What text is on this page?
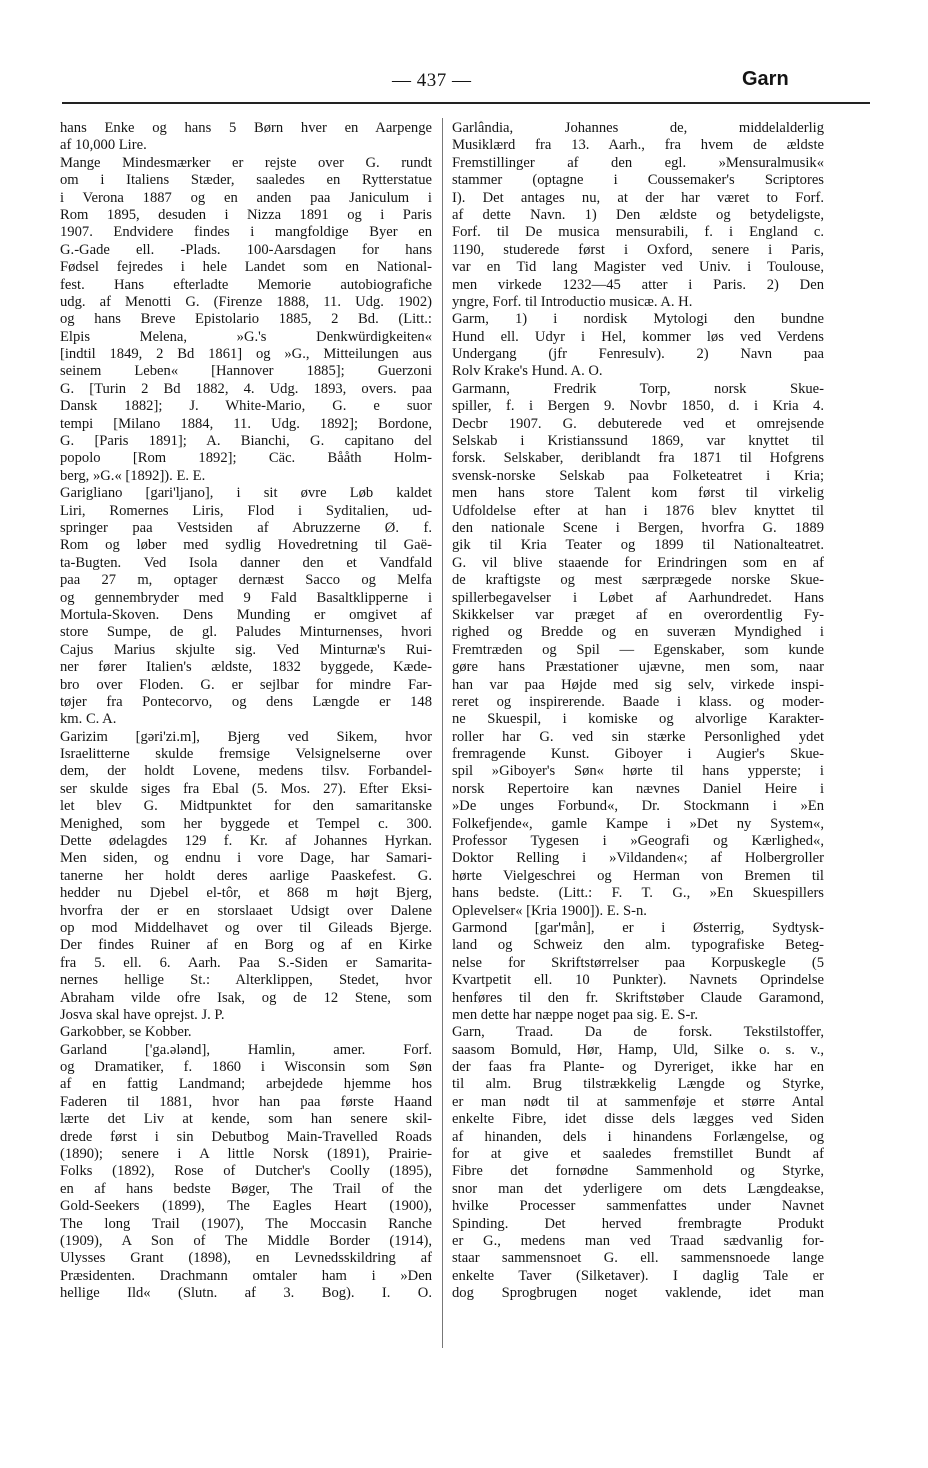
— 437 —	Garn
hans Enke og hans 5 Børn hver en Aarpenge
af 10,000 Lire.
Mange Mindesmærker er rejste over G. rundt
om i Italiens Stæder, saaledes en Rytterstatue
i Verona 1887 og en anden paa Janiculum i
Rom 1895, desuden i Nizza 1891 og i Paris
1907. Endvidere findes i mangfoldige Byer en
G.-Gade ell. -Plads. 100-Aarsdagen for hans
Fødsel fejredes i hele Landet som en National-
fest. Hans efterladte Memorie autobiografiche
udg. af Menotti G. (Firenze 1888, 11. Udg. 1902)
og hans Breve Epistolario 1885, 2 Bd. (Litt.:
Elpis Melena, »G.'s Denkwürdigkeiten«
[indtil 1849, 2 Bd 1861] og »G., Mitteilungen aus
seinem Leben« [Hannover 1885]; Guerzoni
G. [Turin 2 Bd 1882, 4. Udg. 1893, overs. paa
Dansk 1882]; J. White-Mario, G. e suor
tempi [Milano 1884, 11. Udg. 1892]; Bordone,
G. [Paris 1891]; A. Bianchi, G. capitano del
popolo [Rom 1892]; Cäc. Bååth Holm-
berg, »G.« [1892]). E. E.
Garigliano [gari'ljano], i sit øvre Løb kaldet
Liri, Romernes Liris, Flod i Syditalien, ud-
springer paa Vestsiden af Abruzzerne Ø. f.
Rom og løber med sydlig Hovedretning til Gaë-
ta-Bugten. Ved Isola danner den et Vandfald
paa 27 m, optager dernæst Sacco og Melfa
og gennembryder med 9 Fald Basaltklipperne i
Mortula-Skoven. Dens Munding er omgivet af
store Sumpe, de gl. Paludes Minturnenses, hvori
Cajus Marius skjulte sig. Ved Minturnæ's Rui-
ner fører Italien's ældste, 1832 byggede, Kæde-
bro over Floden. G. er sejlbar for mindre Far-
tøjer fra Pontecorvo, og dens Længde er 148
km. C. A.
Garizim [gəri'zi.m], Bjerg ved Sikem, hvor
Israelitterne skulde fremsige Velsignelserne over
dem, der holdt Lovene, medens tilsv. Forbandel-
ser skulde siges fra Ebal (5. Mos. 27). Efter Eksi-
let blev G. Midtpunktet for den samaritanske
Menighed, som her byggede et Tempel c. 300.
Dette ødelagdes 129 f. Kr. af Johannes Hyrkan.
Men siden, og endnu i vore Dage, har Samari-
tanerne her holdt deres aarlige Paaskefest. G.
hedder nu Djebel el-tôr, et 868 m højt Bjerg,
hvorfra der er en storslaaet Udsigt over Dalene
op mod Middelhavet og over til Gileads Bjerge.
Der findes Ruiner af en Borg og af en Kirke
fra 5. ell. 6. Aarh. Paa S.-Siden er Samarita-
nernes hellige St.: Alterklippen, Stedet, hvor
Abraham vilde ofre Isak, og de 12 Stene, som
Josva skal have oprejst. J. P.
Garkobber, se Kobber.
Garland ['ga.ələnd], Hamlin, amer. Forf.
og Dramatiker, f. 1860 i Wisconsin som Søn
af en fattig Landmand; arbejdede hjemme hos
Faderen til 1881, hvor han paa første Haand
lærte det Liv at kende, som han senere skil-
drede først i sin Debutbog Main-Travelled Roads
(1890); senere i A little Norsk (1891), Prairie-
Folks (1892), Rose of Dutcher's Coolly (1895),
en af hans bedste Bøger, The Trail of the
Gold-Seekers (1899), The Eagles Heart (1900),
The long Trail (1907), The Moccasin Ranche
(1909), A Son of The Middle Border (1914),
Ulysses Grant (1898), en Levnedsskildring af
Præsidenten. Drachmann omtaler ham i »Den
hellige Ild« (Slutn. af 3. Bog). I. O.
Garlândia, Johannes de, middelalderlig
Musiklærd fra 13. Aarh., fra hvem de ældste
Fremstillinger af den egl. »Mensuralmusik«
stammer (optagne i Coussemaker's Scriptores
I). Det antages nu, at der har været to Forf.
af dette Navn. 1) Den ældste og betydeligste,
Forf. til De musica mensurabili, f. i England c.
1190, studerede først i Oxford, senere i Paris,
var en Tid lang Magister ved Univ. i Toulouse,
men virkede 1232—45 atter i Paris. 2) Den
yngre, Forf. til Introductio musicæ. A. H.
Garm, 1) i nordisk Mytologi den bundne
Hund ell. Udyr i Hel, kommer løs ved Verdens
Undergang (jfr Fenresulv). 2) Navn paa
Rolv Krake's Hund. A. O.
Garmann, Fredrik Torp, norsk Skue-
spiller, f. i Bergen 9. Novbr 1850, d. i Kria 4.
Decbr 1907. G. debuterede ved et omrejsende
Selskab i Kristianssund 1869, var knyttet til
forsk. Selskaber, deriblandt fra 1871 til Hofgrens
svensk-norske Selskab paa Folketeatret i Kria;
men hans store Talent kom først til virkelig
Udfoldelse efter at han i 1876 blev knyttet til
den nationale Scene i Bergen, hvorfra G. 1889
gik til Kria Teater og 1899 til Nationalteatret.
G. vil blive staaende for Erindringen som en af
de kraftigste og mest særprægede norske Skue-
spillerbegavelser i Løbet af Aarhundredet. Hans
Skikkelser var præget af en overordentlig Fy-
righed og Bredde og en suveræn Myndighed i
Fremtræden og Spil — Egenskaber, som kunde
gøre hans Præstationer ujævne, men som, naar
han var paa Højde med sig selv, virkede inspi-
reret og inspirerende. Baade i klass. og moder-
ne Skuespil, i komiske og alvorlige Karakter-
roller har G. ved sin stærke Personlighed ydet
fremragende Kunst. Giboyer i Augier's Skue-
spil »Giboyer's Søn« hørte til hans ypperste; i
norsk Repertoire kan nævnes Daniel Heire i
»De unges Forbund«, Dr. Stockmann i »En
Folkefjende«, gamle Kampe i »Det ny System«,
Professor Tygesen i »Geografi og Kærlighed«,
Doktor Relling i »Vildanden«; af Holbergroller
hørte Vielgeschrei og Herman von Bremen til
hans bedste. (Litt.: F. T. G., »En Skuespillers
Oplevelser« [Kria 1900]). E. S-n.
Garmond [gar'mån], er i Østerrig, Sydtysk-
land og Schweiz den alm. typografiske Beteg-
nelse for Skriftstørrelser paa Korpuskegle (5
Kvartpetit ell. 10 Punkter). Navnets Oprindelse
henføres til den fr. Skriftstøber Claude Garamond,
men dette har næppe noget paa sig. E. S-r.
Garn, Traad. Da de forsk. Tekstilstoffer,
saasom Bomuld, Hør, Hamp, Uld, Silke o. s. v.,
der faas fra Plante- og Dyreriget, ikke har en
til alm. Brug tilstrækkelig Længde og Styrke,
er man nødt til at sammenføje et større Antal
enkelte Fibre, idet disse dels lægges ved Siden
af hinanden, dels i hinandens Forlængelse, og
for at give et saaledes fremstillet Bundt af
Fibre det fornødne Sammenhold og Styrke,
snor man det yderligere om dets Længdeakse,
hvilke Processer sammenfattes under Navnet
Spinding. Det herved frembragte Produkt
er G., medens man ved Traad sædvanlig for-
staar sammensnoet G. ell. sammensnoede lange
enkelte Taver (Silketaver). I daglig Tale er
dog Sprogbrugen noget vaklende, idet man
